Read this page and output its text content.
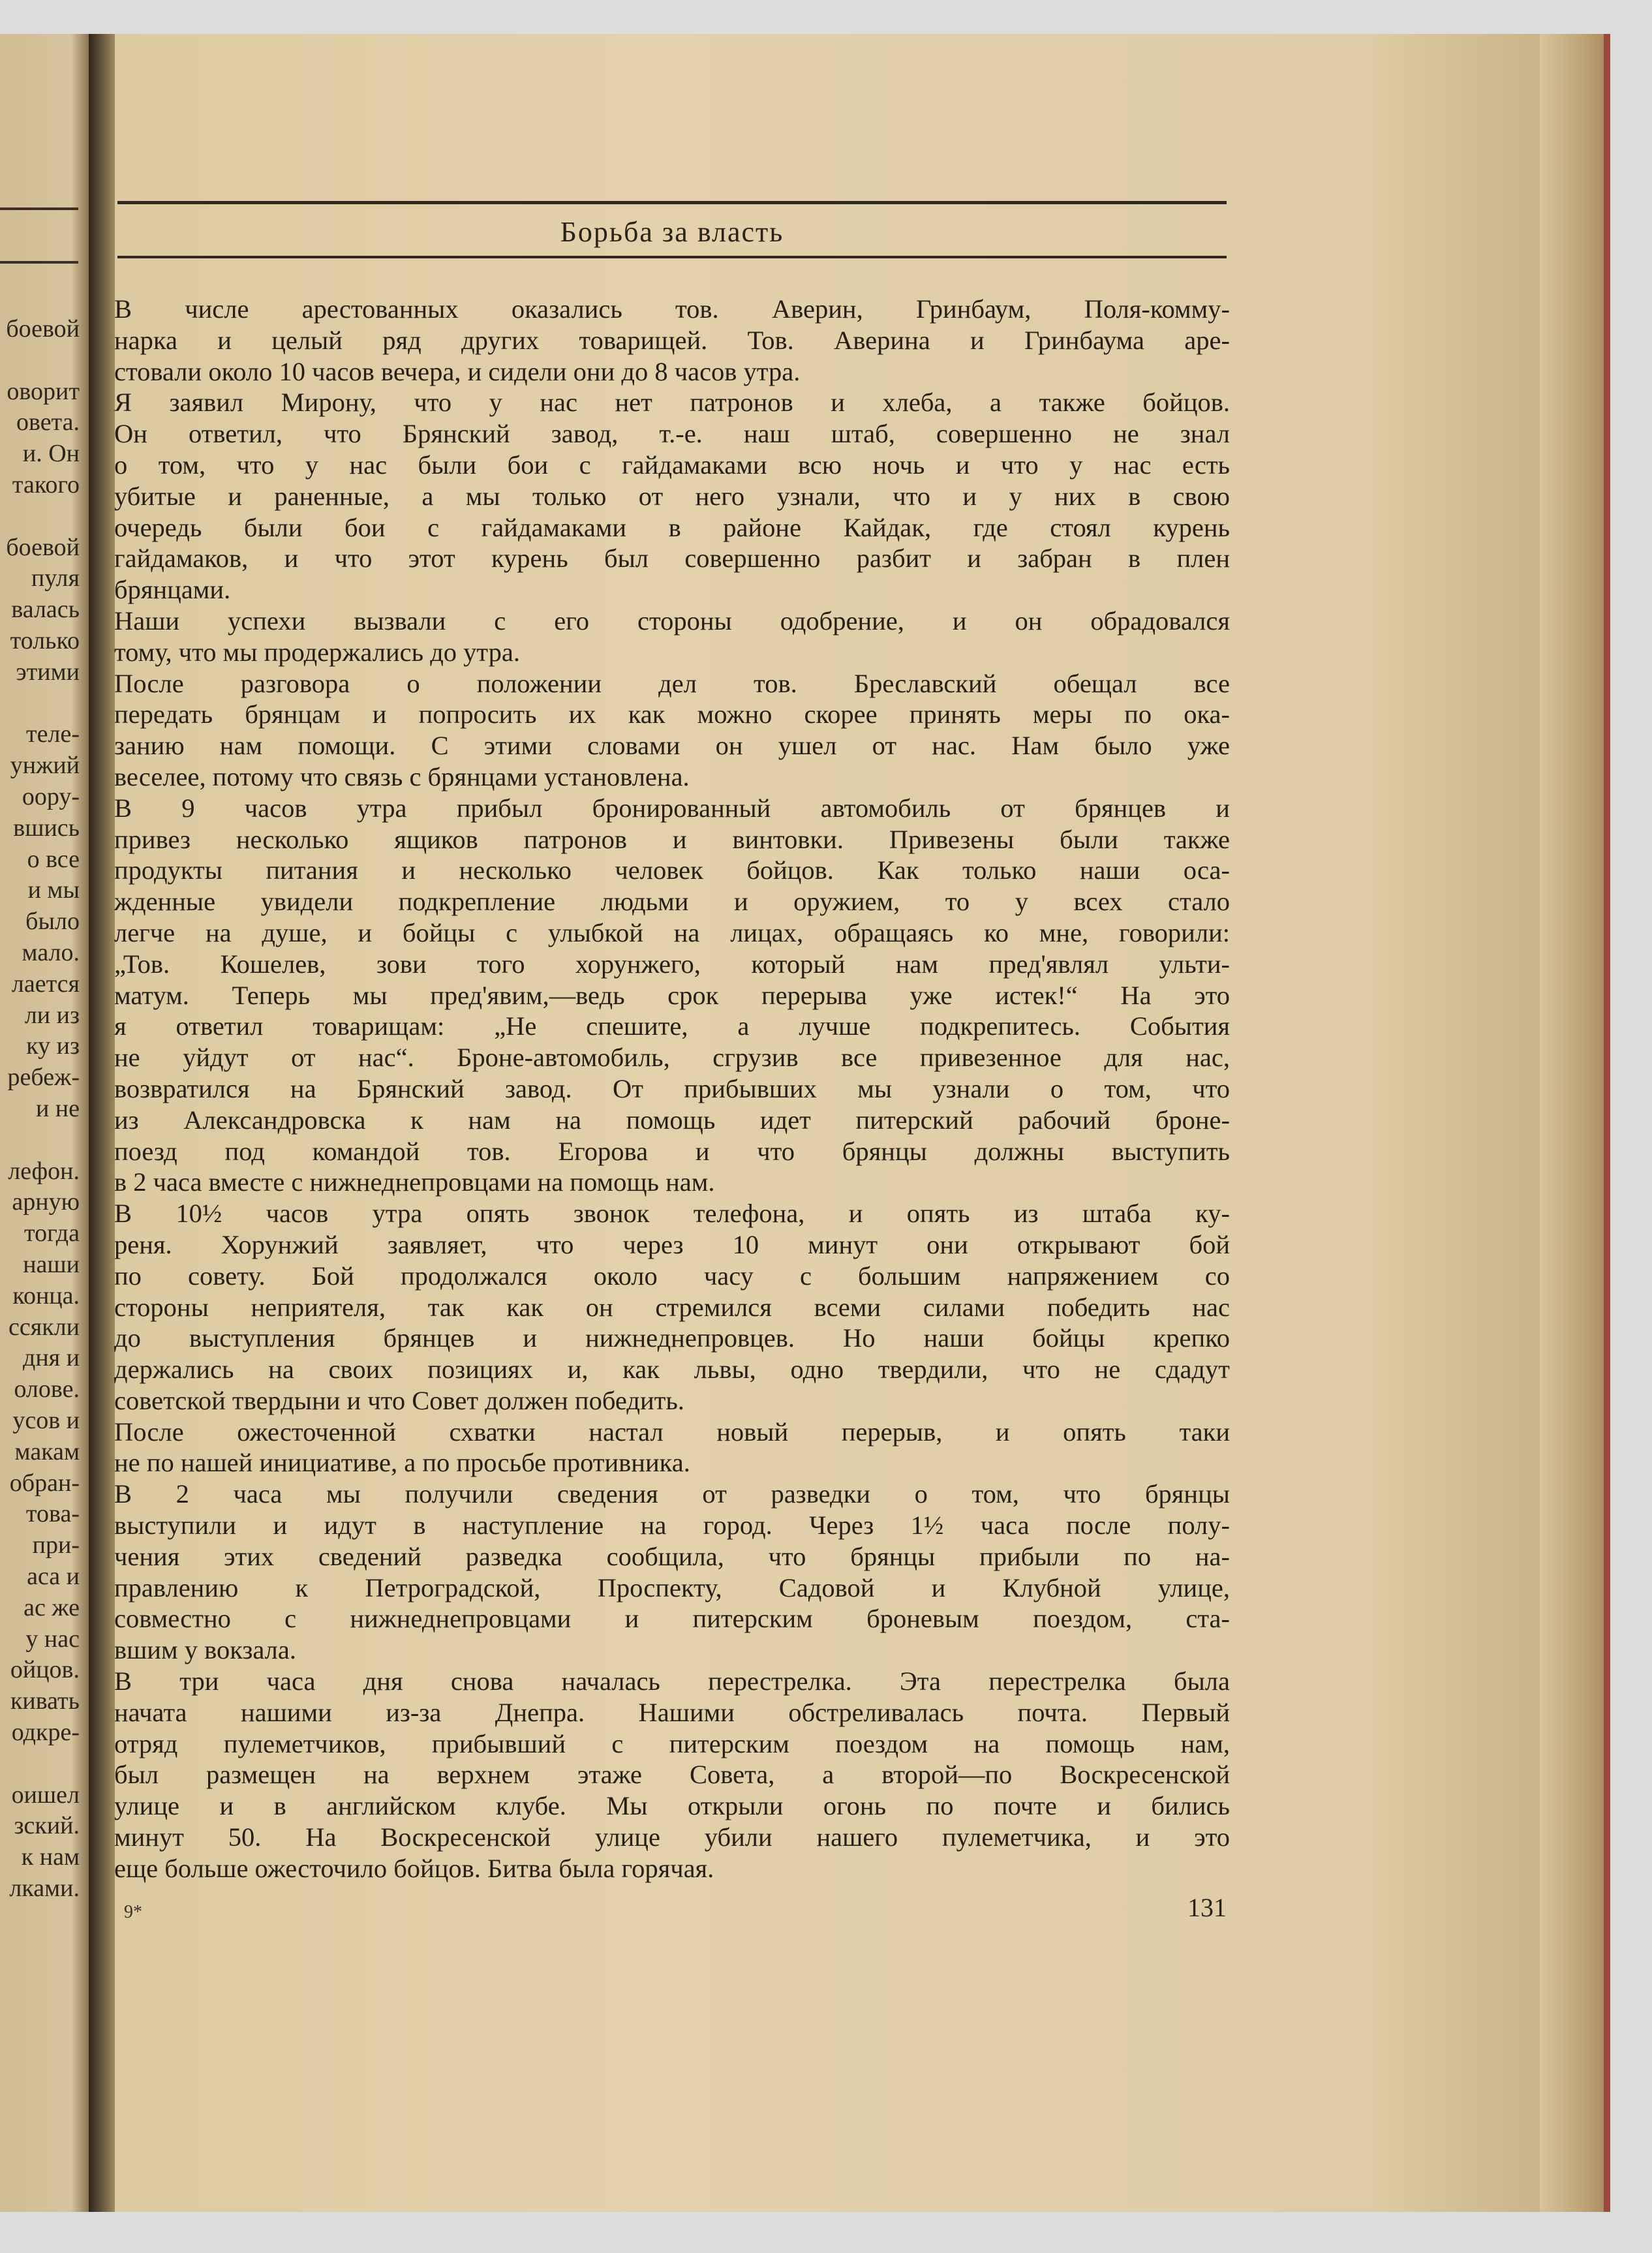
боевой
оворит
овета.
и. Он
такого
боевой
пуля
валась
только
этими
теле-
унжий
оору-
вшись
о все
и мы
было
мало.
лается
ли из
ку из
ребеж-
и не
лефон.
арную
тогда
наши
конца.
ссякли
дня и
олове.
усов и
макам
обран-
това-
при-
аса и
ас же
у нас
ойцов.
кивать
одкре-
оишел
зский.
к нам
лками.
Борьба за власть
В числе арестованных оказались тов. Аверин, Гринбаум, Поля-комму-
нарка и целый ряд других товарищей. Тов. Аверина и Гринбаума аре-
стовали около 10 часов вечера, и сидели они до 8 часов утра.
Я заявил Мирону, что у нас нет патронов и хлеба, а также бойцов.
Он ответил, что Брянский завод, т.-е. наш штаб, совершенно не знал
о том, что у нас были бои с гайдамаками всю ночь и что у нас есть
убитые и раненные, а мы только от него узнали, что и у них в свою
очередь были бои с гайдамаками в районе Кайдак, где стоял курень
гайдамаков, и что этот курень был совершенно разбит и забран в плен
брянцами.
Наши успехи вызвали с его стороны одобрение, и он обрадовался
тому, что мы продержались до утра.
После разговора о положении дел тов. Бреславский обещал все
передать брянцам и попросить их как можно скорее принять меры по ока-
занию нам помощи. С этими словами он ушел от нас. Нам было уже
веселее, потому что связь с брянцами установлена.
В 9 часов утра прибыл бронированный автомобиль от брянцев и
привез несколько ящиков патронов и винтовки. Привезены были также
продукты питания и несколько человек бойцов. Как только наши оса-
жденные увидели подкрепление людьми и оружием, то у всех стало
легче на душе, и бойцы с улыбкой на лицах, обращаясь ко мне, говорили:
„Тов. Кошелев, зови того хорунжего, который нам пред'являл ульти-
матум. Теперь мы пред'явим,—ведь срок перерыва уже истек!“ На это
я ответил товарищам: „Не спешите, а лучше подкрепитесь. События
не уйдут от нас“. Броне-автомобиль, сгрузив все привезенное для нас,
возвратился на Брянский завод. От прибывших мы узнали о том, что
из Александровска к нам на помощь идет питерский рабочий броне-
поезд под командой тов. Егорова и что брянцы должны выступить
в 2 часа вместе с нижнеднепровцами на помощь нам.
В 10½ часов утра опять звонок телефона, и опять из штаба ку-
реня. Хорунжий заявляет, что через 10 минут они открывают бой
по совету. Бой продолжался около часу с большим напряжением со
стороны неприятеля, так как он стремился всеми силами победить нас
до выступления брянцев и нижнеднепровцев. Но наши бойцы крепко
держались на своих позициях и, как львы, одно твердили, что не сдадут
советской твердыни и что Совет должен победить.
После ожесточенной схватки настал новый перерыв, и опять таки
не по нашей инициативе, а по просьбе противника.
В 2 часа мы получили сведения от разведки о том, что брянцы
выступили и идут в наступление на город. Через 1½ часа после полу-
чения этих сведений разведка сообщила, что брянцы прибыли по на-
правлению к Петроградской, Проспекту, Садовой и Клубной улице,
совместно с нижнеднепровцами и питерским броневым поездом, ста-
вшим у вокзала.
В три часа дня снова началась перестрелка. Эта перестрелка была
начата нашими из-за Днепра. Нашими обстреливалась почта. Первый
отряд пулеметчиков, прибывший с питерским поездом на помощь нам,
был размещен на верхнем этаже Совета, а второй—по Воскресенской
улице и в английском клубе. Мы открыли огонь по почте и бились
минут 50. На Воскресенской улице убили нашего пулеметчика, и это
еще больше ожесточило бойцов. Битва была горячая.
9*	131
